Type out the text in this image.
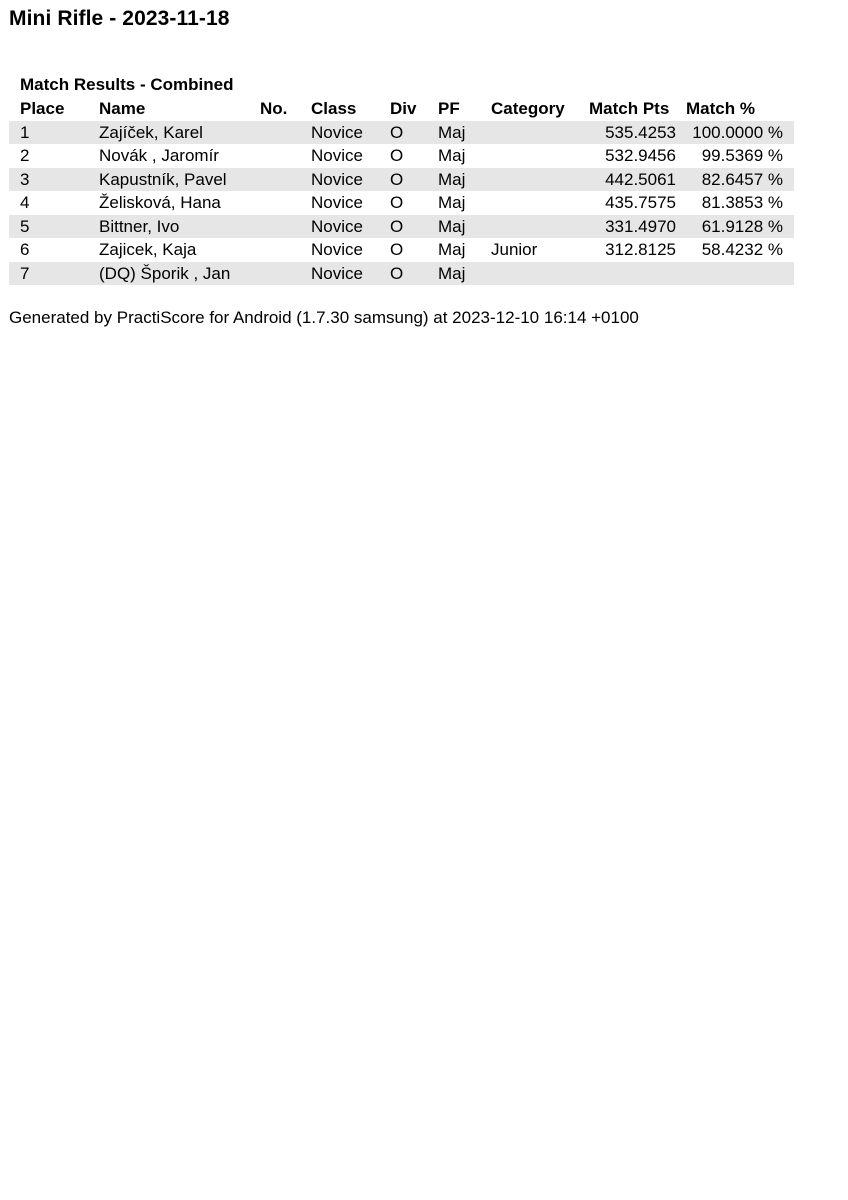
Mini Rifle - 2023-11-18
Match Results - Combined
Place	Name	No.	Class	Div	PF	Category	Match Pts	Match %
1	Zajíček, Karel		Novice	O	Maj		535.4253	100.0000 %
2	Novák , Jaromír		Novice	O	Maj		532.9456	99.5369 %
3	Kapustník, Pavel		Novice	O	Maj		442.5061	82.6457 %
4	Želisková, Hana		Novice	O	Maj		435.7575	81.3853 %
5	Bittner, Ivo		Novice	O	Maj		331.4970	61.9128 %
6	Zajicek, Kaja		Novice	O	Maj	Junior	312.8125	58.4232 %
7	(DQ) Šporik , Jan		Novice	O	Maj			
Generated by PractiScore for Android (1.7.30 samsung) at 2023-12-10 16:14 +0100
